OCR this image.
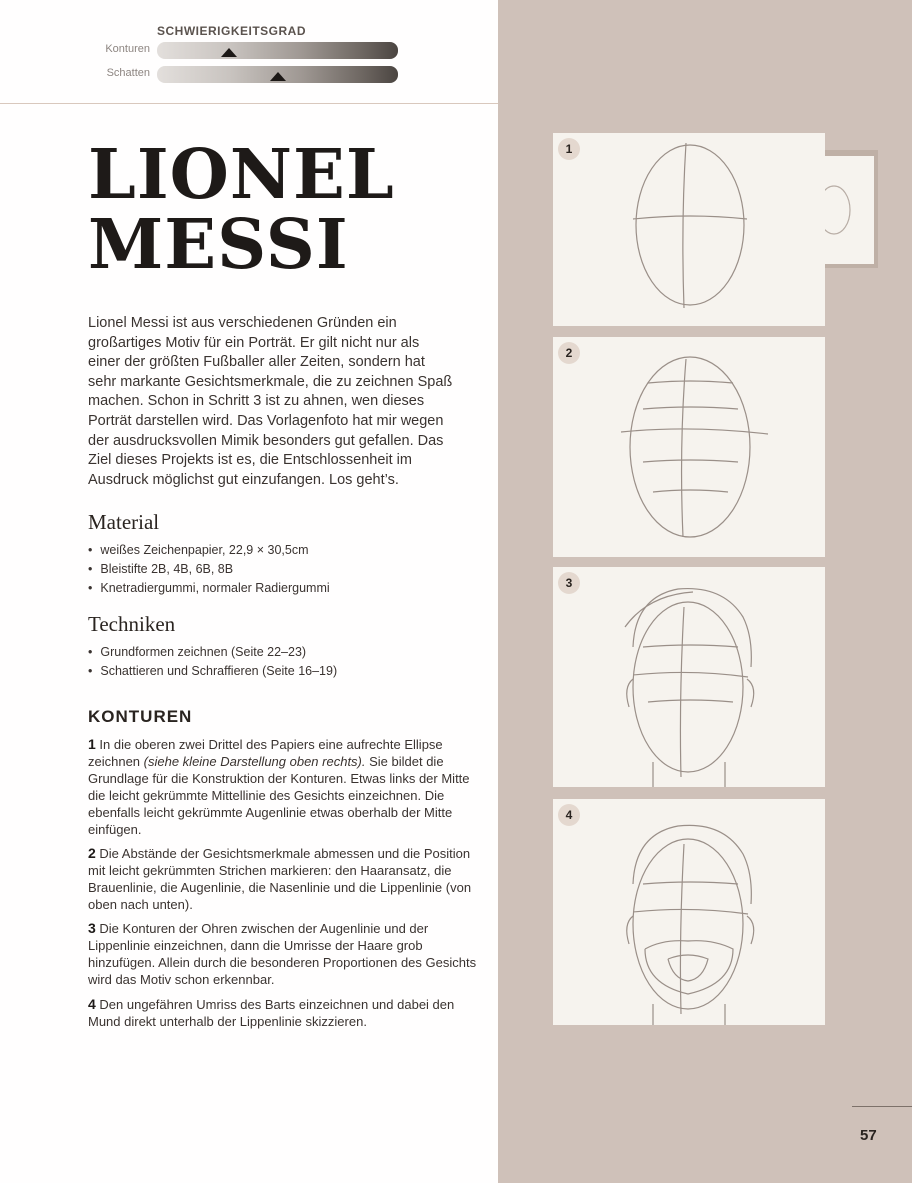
SCHWIERIGKEITSGRAD
Konturen
Schatten
LIONEL
MESSI

Lionel Messi ist aus verschiedenen Gründen ein großartiges Motiv für ein Porträt. Er gilt nicht nur als einer der größten Fußballer aller Zeiten, sondern hat sehr markante Gesichtsmerkmale, die zu zeichnen Spaß machen. Schon in Schritt 3 ist zu ahnen, wen dieses Porträt darstellen wird. Das Vorlagenfoto hat mir wegen der ausdrucksvollen Mimik besonders gut gefallen. Das Ziel dieses Projekts ist es, die Entschlossenheit im Ausdruck möglichst gut einzufangen. Los geht’s.

Material
• weißes Zeichenpapier, 22,9 × 30,5cm
• Bleistifte 2B, 4B, 6B, 8B
• Knetradiergummi, normaler Radiergummi
Techniken
• Grundformen zeichnen (Seite 22–23)
• Schattieren und Schraffieren (Seite 16–19)
KONTUREN

1 In die oberen zwei Drittel des Papiers eine aufrechte Ellipse zeichnen (siehe kleine Darstellung oben rechts). Sie bildet die Grundlage für die Konstruktion der Konturen. Etwas links der Mitte die leicht gekrümmte Mittellinie des Gesichts einzeichnen. Die ebenfalls leicht gekrümmte Augenlinie etwas oberhalb der Mitte einfügen.

2 Die Abstände der Gesichtsmerkmale abmessen und die Position mit leicht gekrümmten Strichen markieren: den Haaransatz, die Brauenlinie, die Augenlinie, die Nasenlinie und die Lippenlinie (von oben nach unten).

3 Die Konturen der Ohren zwischen der Augenlinie und der Lippenlinie einzeichnen, dann die Umrisse der Haare grob hinzufügen. Allein durch die besonderen Proportionen des Gesichts wird das Motiv schon erkennbar.

4 Den ungefähren Umriss des Barts einzeichnen und dabei den Mund direkt unterhalb der Lippenlinie skizzieren.

1
2
3
4
57
